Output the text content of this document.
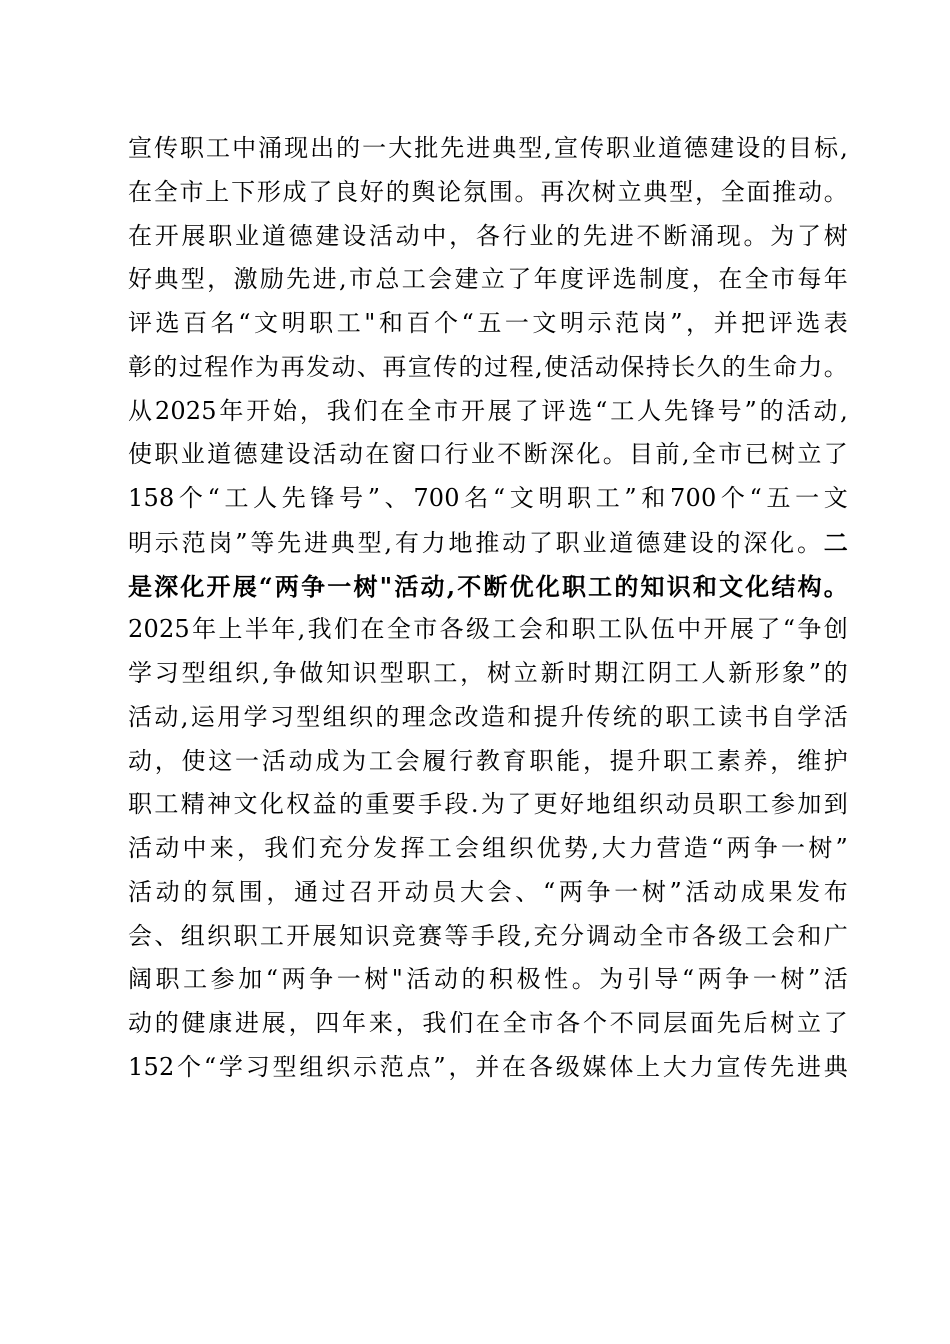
宣传职工中涌现出的一大批先进典型,宣传职业道德建设的目标,
在全市上下形成了良好的舆论氛围。再次树立典型，全面推动。
在开展职业道德建设活动中，各行业的先进不断涌现。为了树
好典型，激励先进,市总工会建立了年度评选制度，在全市每年
评选百名“文明职工"和百个“五一文明示范岗”，并把评选表
彰的过程作为再发动、再宣传的过程,使活动保持长久的生命力。
从2025年开始，我们在全市开展了评选“工人先锋号”的活动,
使职业道德建设活动在窗口行业不断深化。目前,全市已树立了
158个“工人先锋号”、700名“文明职工”和700个“五一文
明示范岗”等先进典型,有力地推动了职业道德建设的深化。二
是深化开展“两争一树"活动,不断优化职工的知识和文化结构。
2025年上半年,我们在全市各级工会和职工队伍中开展了“争创
学习型组织,争做知识型职工，树立新时期江阴工人新形象”的
活动,运用学习型组织的理念改造和提升传统的职工读书自学活
动，使这一活动成为工会履行教育职能，提升职工素养，维护
职工精神文化权益的重要手段.为了更好地组织动员职工参加到
活动中来，我们充分发挥工会组织优势,大力营造“两争一树”
活动的氛围，通过召开动员大会、“两争一树”活动成果发布
会、组织职工开展知识竞赛等手段,充分调动全市各级工会和广
阔职工参加“两争一树"活动的积极性。为引导“两争一树”活
动的健康进展，四年来，我们在全市各个不同层面先后树立了
152个“学习型组织示范点”，并在各级媒体上大力宣传先进典
